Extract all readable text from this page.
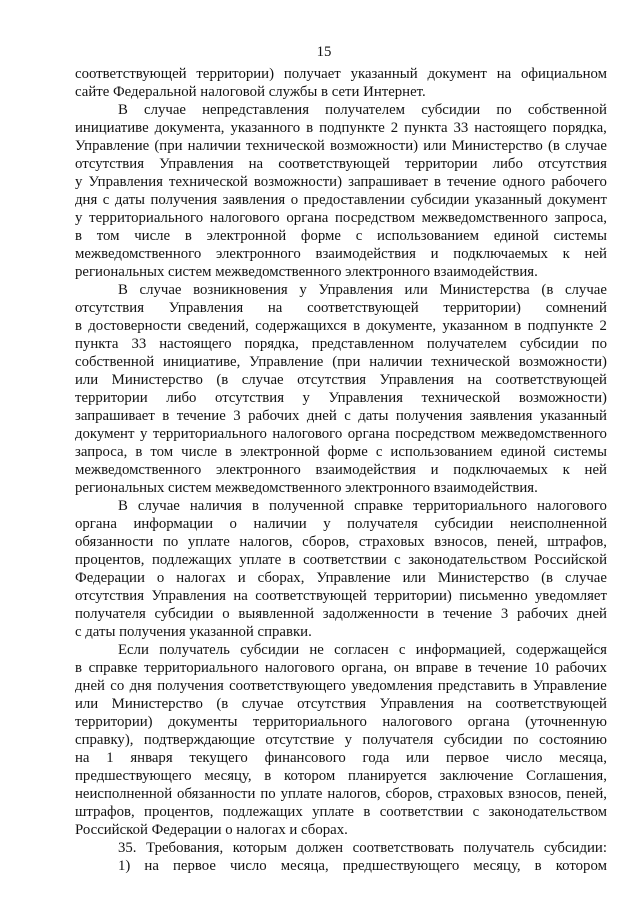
15
соответствующей территории) получает указанный документ на официальном
сайте Федеральной налоговой службы в сети Интернет.
В случае непредставления получателем субсидии по собственной
инициативе документа, указанного в подпункте 2 пункта 33 настоящего порядка,
Управление (при наличии технической возможности) или Министерство (в случае
отсутствия Управления на соответствующей территории либо отсутствия
у Управления технической возможности) запрашивает в течение одного рабочего
дня с даты получения заявления о предоставлении субсидии указанный документ
у территориального налогового органа посредством межведомственного запроса,
в том числе в электронной форме с использованием единой системы
межведомственного электронного взаимодействия и подключаемых к ней
региональных систем межведомственного электронного взаимодействия.
В случае возникновения у Управления или Министерства (в случае
отсутствия Управления на соответствующей территории) сомнений
в достоверности сведений, содержащихся в документе, указанном в подпункте 2
пункта 33 настоящего порядка, представленном получателем субсидии по
собственной инициативе, Управление (при наличии технической возможности)
или Министерство (в случае отсутствия Управления на соответствующей
территории либо отсутствия у Управления технической возможности)
запрашивает в течение 3 рабочих дней с даты получения заявления указанный
документ у территориального налогового органа посредством межведомственного
запроса, в том числе в электронной форме с использованием единой системы
межведомственного электронного взаимодействия и подключаемых к ней
региональных систем межведомственного электронного взаимодействия.
В случае наличия в полученной справке территориального налогового
органа информации о наличии у получателя субсидии неисполненной
обязанности по уплате налогов, сборов, страховых взносов, пеней, штрафов,
процентов, подлежащих уплате в соответствии с законодательством Российской
Федерации о налогах и сборах, Управление или Министерство (в случае
отсутствия Управления на соответствующей территории) письменно уведомляет
получателя субсидии о выявленной задолженности в течение 3 рабочих дней
с даты получения указанной справки.
Если получатель субсидии не согласен с информацией, содержащейся
в справке территориального налогового органа, он вправе в течение 10 рабочих
дней со дня получения соответствующего уведомления представить в Управление
или Министерство (в случае отсутствия Управления на соответствующей
территории) документы территориального налогового органа (уточненную
справку), подтверждающие отсутствие у получателя субсидии по состоянию
на 1 января текущего финансового года или первое число месяца,
предшествующего месяцу, в котором планируется заключение Соглашения,
неисполненной обязанности по уплате налогов, сборов, страховых взносов, пеней,
штрафов, процентов, подлежащих уплате в соответствии с законодательством
Российской Федерации о налогах и сборах.
35. Требования, которым должен соответствовать получатель субсидии:
1) на первое число месяца, предшествующего месяцу, в котором
